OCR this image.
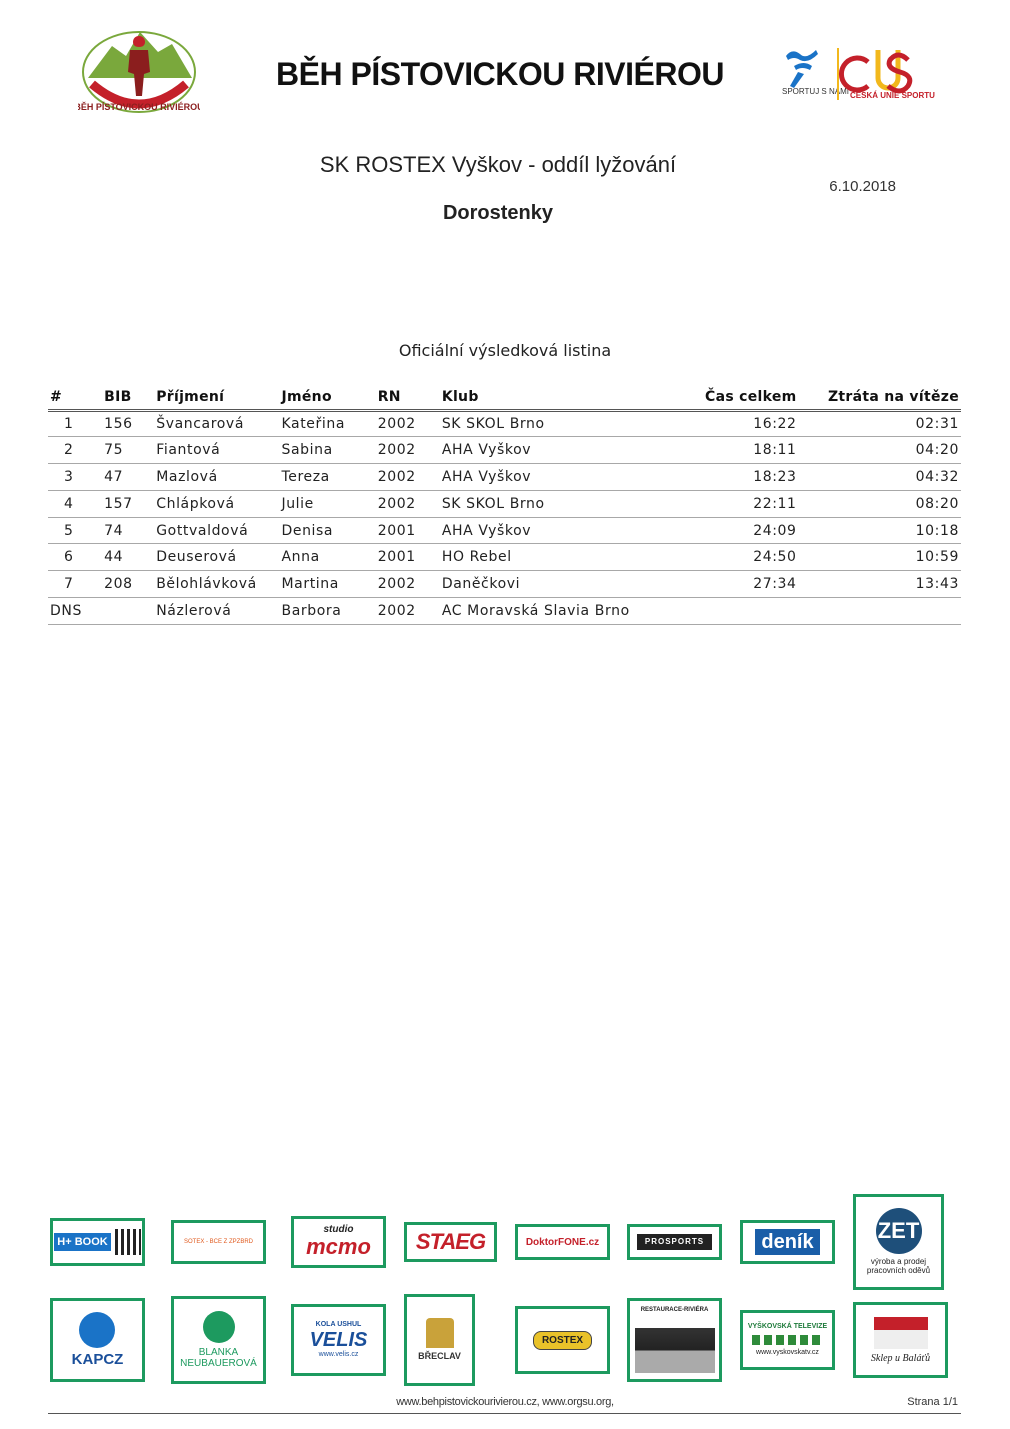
BĚH PÍSTOVICKOU RIVIÉROU
BĚH PÍSTOVICKOU RIVIÉROU	SPORTUJ S NÁMI ČESKÁ UNIE SPORTU
SK ROSTEX Vyškov - oddíl lyžování
6.10.2018
Dorostenky
Oficiální výsledková listina
#	BIB	Příjmení	Jméno	RN	Klub	Čas celkem	Ztráta na vítěze
1	156	Švancarová	Kateřina	2002	SK SKOL Brno	16:22	02:31
2	75	Fiantová	Sabina	2002	AHA Vyškov	18:11	04:20
3	47	Mazlová	Tereza	2002	AHA Vyškov	18:23	04:32
4	157	Chlápková	Julie	2002	SK SKOL Brno	22:11	08:20
5	74	Gottvaldová	Denisa	2001	AHA Vyškov	24:09	10:18
6	44	Deuserová	Anna	2001	HO Rebel	24:50	10:59
7	208	Bělohlávková	Martina	2002	Daněčkovi	27:34	13:43
DNS		Názlerová	Barbora	2002	AC Moravská Slavia Brno		
H+ BOOK	SOTEX - BCE Z ZPZBRD
studio
mcmo STAEG	DoktorFONE.cz	PROSPORTS	deník	ZET
výroba a prodej pracovních oděvů
KAPCZ	BLANKA NEUBAUEROVÁ
KOLA USHUL
VELIS
www.velis.cz	BŘECLAV
ROSTEX
RESTAURACE-RIVIÉRA
VYŠKOVSKÁ TELEVIZE
www.vyskovskatv.cz	Sklep u Baláťů
www.behpistovickourivierou.cz, www.orgsu.org,	Strana 1/1
